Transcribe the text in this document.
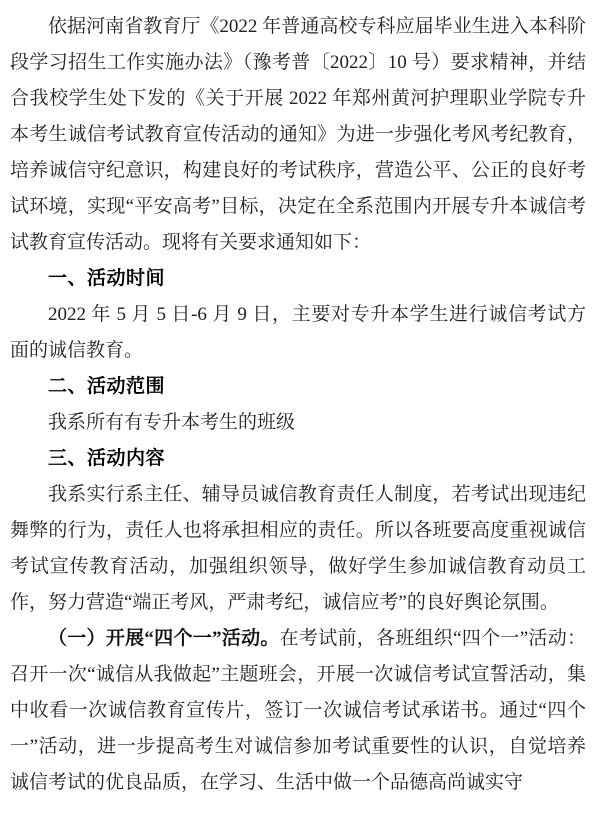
依据河南省教育厅《2022 年普通高校专科应届毕业生进入本科阶段学习招生工作实施办法》（豫考普〔2022〕10 号）要求精神，并结合我校学生处下发的《关于开展 2022 年郑州黄河护理职业学院专升本考生诚信考试教育宣传活动的通知》为进一步强化考风考纪教育，培养诚信守纪意识，构建良好的考试秩序，营造公平、公正的良好考试环境，实现“平安高考”目标，决定在全系范围内开展专升本诚信考试教育宣传活动。现将有关要求通知如下：

一、活动时间

2022 年 5 月 5 日-6 月 9 日，主要对专升本学生进行诚信考试方面的诚信教育。

二、活动范围

我系所有有专升本考生的班级

三、活动内容

我系实行系主任、辅导员诚信教育责任人制度，若考试出现违纪舞弊的行为，责任人也将承担相应的责任。所以各班要高度重视诚信考试宣传教育活动，加强组织领导，做好学生参加诚信教育动员工作，努力营造“端正考风，严肃考纪，诚信应考”的良好舆论氛围。

（一）开展“四个一”活动。在考试前，各班组织“四个一”活动：召开一次“诚信从我做起”主题班会，开展一次诚信考试宣誓活动，集中收看一次诚信教育宣传片，签订一次诚信考试承诺书。通过“四个一”活动，进一步提高考生对诚信参加考试重要性的认识，自觉培养诚信考试的优良品质，在学习、生活中做一个品德高尚诚实守
